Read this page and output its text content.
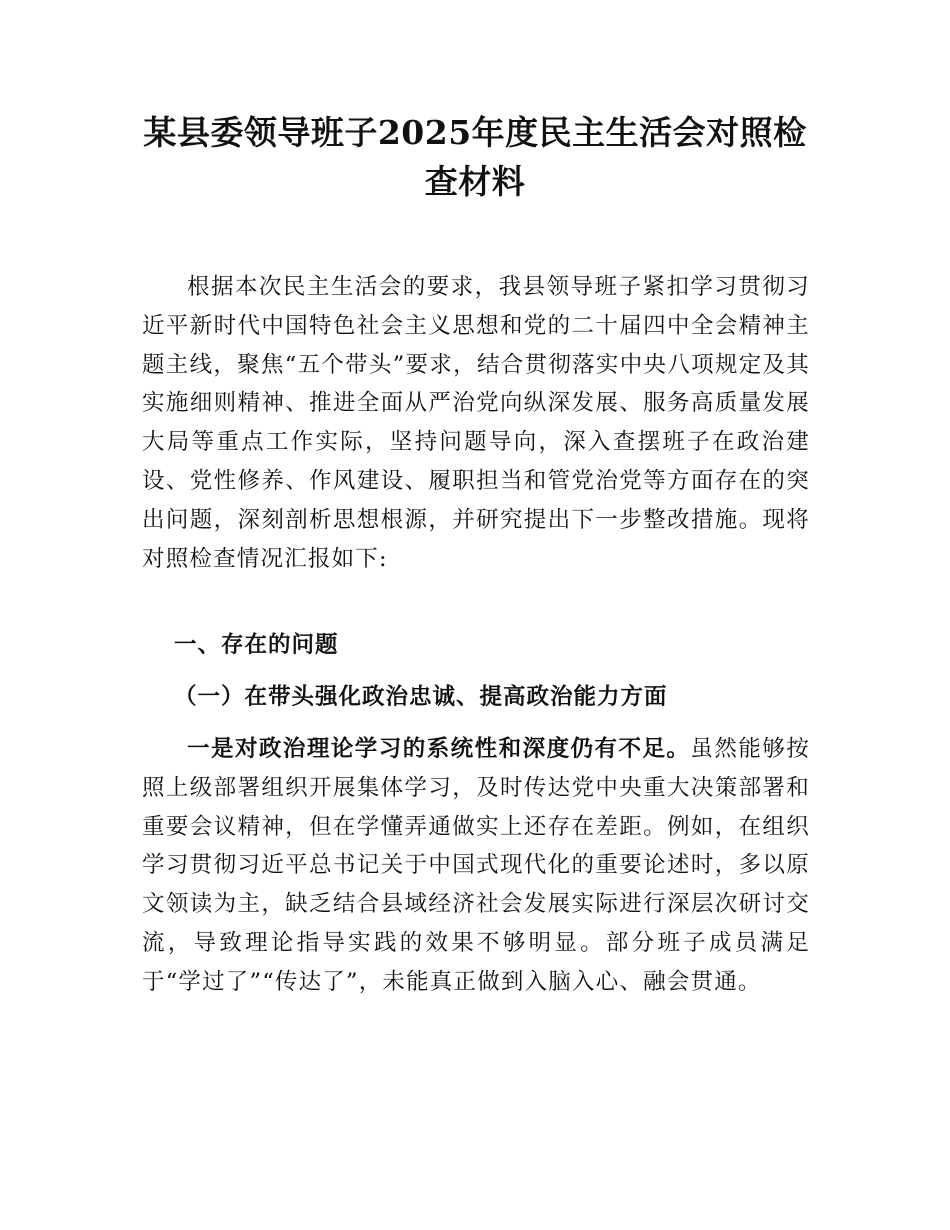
某县委领导班子2025年度民主生活会对照检查材料

根据本次民主生活会的要求，我县领导班子紧扣学习贯彻习近平新时代中国特色社会主义思想和党的二十届四中全会精神主题主线，聚焦“五个带头”要求，结合贯彻落实中央八项规定及其实施细则精神、推进全面从严治党向纵深发展、服务高质量发展大局等重点工作实际，坚持问题导向，深入查摆班子在政治建设、党性修养、作风建设、履职担当和管党治党等方面存在的突出问题，深刻剖析思想根源，并研究提出下一步整改措施。现将对照检查情况汇报如下:

一、存在的问题
（一）在带头强化政治忠诚、提高政治能力方面

一是对政治理论学习的系统性和深度仍有不足。虽然能够按照上级部署组织开展集体学习，及时传达党中央重大决策部署和重要会议精神，但在学懂弄通做实上还存在差距。例如，在组织学习贯彻习近平总书记关于中国式现代化的重要论述时，多以原文领读为主，缺乏结合县域经济社会发展实际进行深层次研讨交流，导致理论指导实践的效果不够明显。部分班子成员满足于“学过了”“传达了”，未能真正做到入脑入心、融会贯通。
